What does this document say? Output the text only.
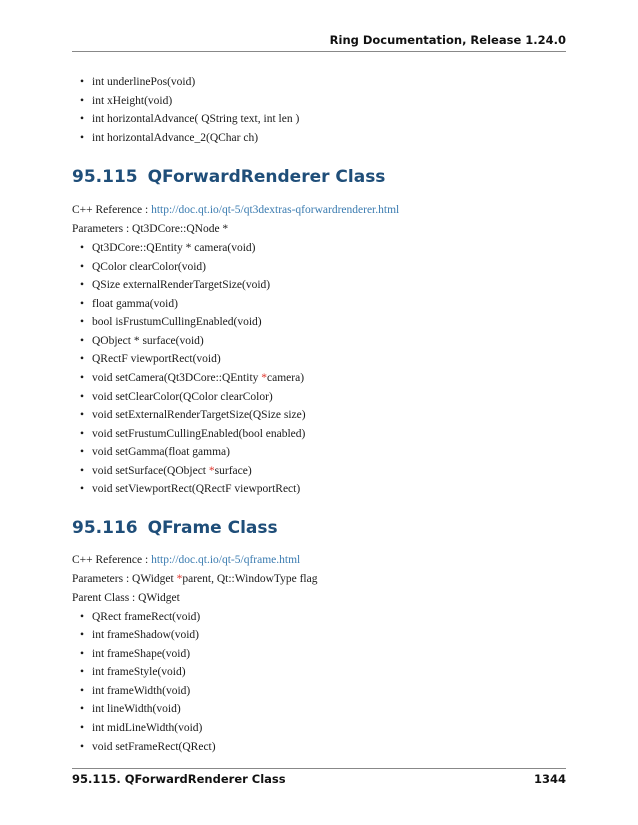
Ring Documentation, Release 1.24.0
• int underlinePos(void)
• int xHeight(void)
• int horizontalAdvance( QString text, int len )
• int horizontalAdvance_2(QChar ch)
95.115 QForwardRenderer Class
C++ Reference : http://doc.qt.io/qt-5/qt3dextras-qforwardrenderer.html
Parameters : Qt3DCore::QNode *
• Qt3DCore::QEntity * camera(void)
• QColor clearColor(void)
• QSize externalRenderTargetSize(void)
• float gamma(void)
• bool isFrustumCullingEnabled(void)
• QObject * surface(void)
• QRectF viewportRect(void)
• void setCamera(Qt3DCore::QEntity *camera)
• void setClearColor(QColor clearColor)
• void setExternalRenderTargetSize(QSize size)
• void setFrustumCullingEnabled(bool enabled)
• void setGamma(float gamma)
• void setSurface(QObject *surface)
• void setViewportRect(QRectF viewportRect)
95.116 QFrame Class
C++ Reference : http://doc.qt.io/qt-5/qframe.html
Parameters : QWidget *parent, Qt::WindowType flag
Parent Class : QWidget
• QRect frameRect(void)
• int frameShadow(void)
• int frameShape(void)
• int frameStyle(void)
• int frameWidth(void)
• int lineWidth(void)
• int midLineWidth(void)
• void setFrameRect(QRect)
95.115. QForwardRenderer Class	1344
